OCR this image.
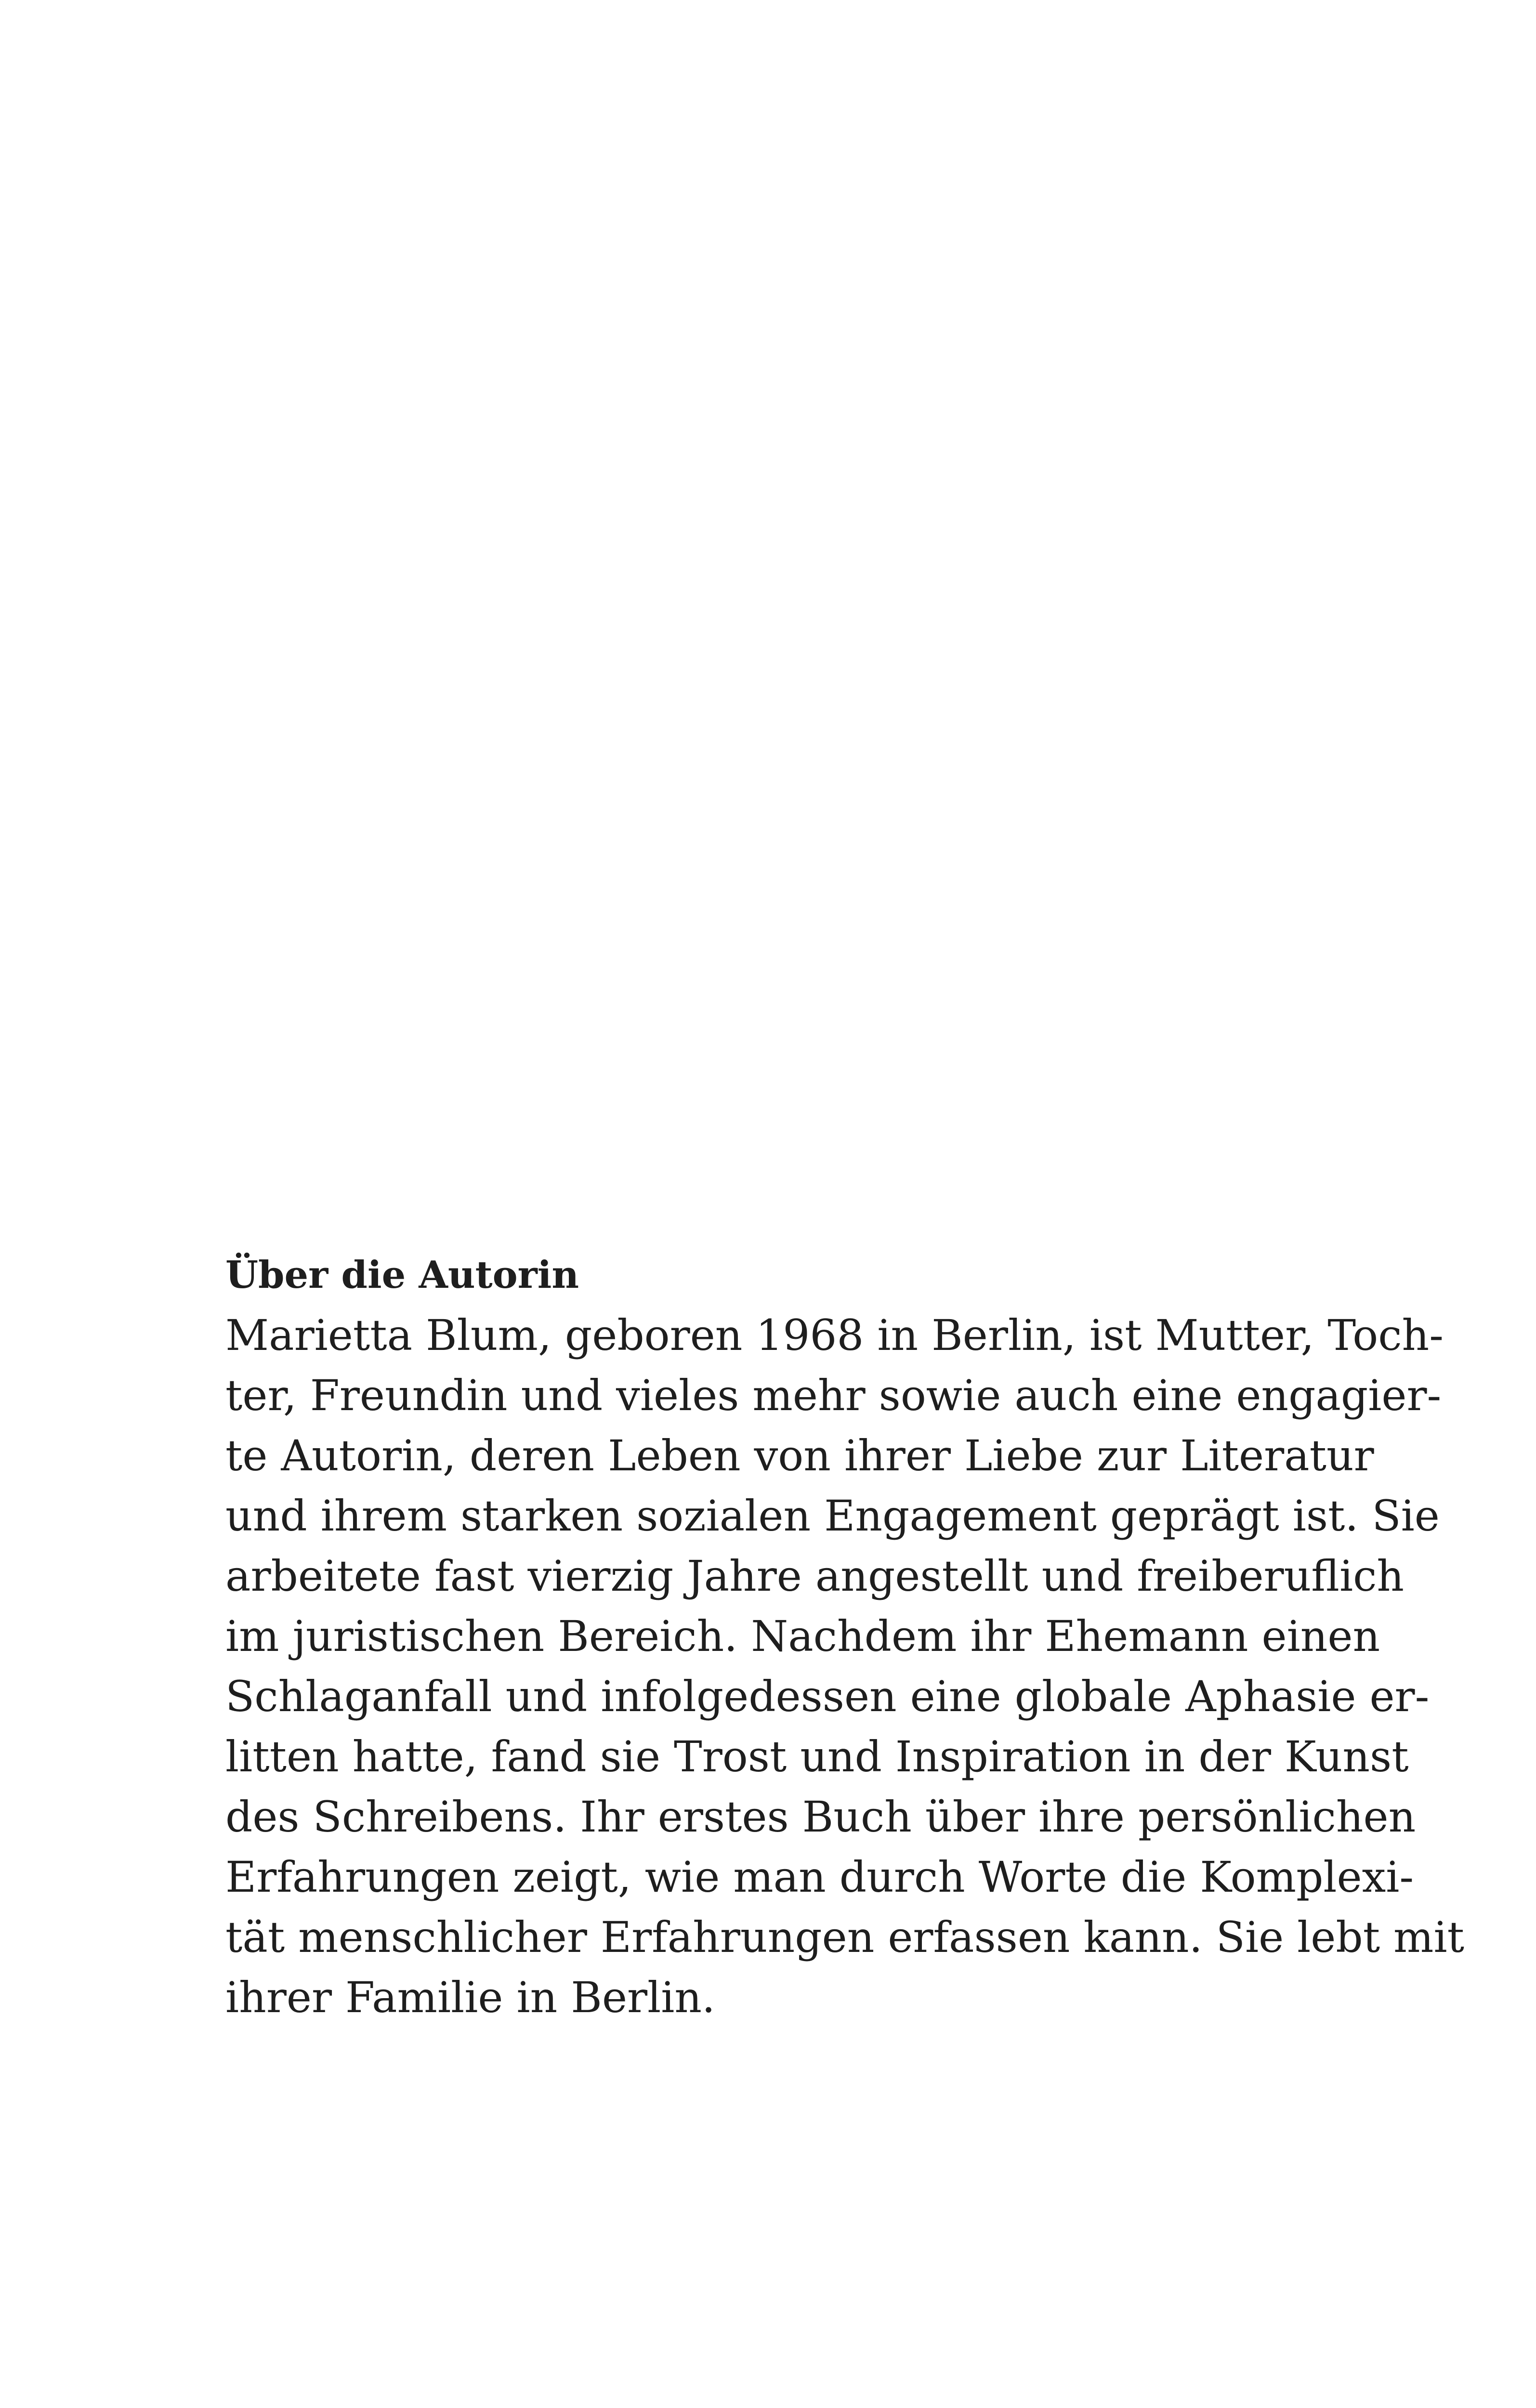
Über die Autorin

Marietta Blum, geboren 1968 in Berlin, ist Mutter, Toch-
ter, Freundin und vieles mehr sowie auch eine engagier-
te Autorin, deren Leben von ihrer Liebe zur Literatur
und ihrem starken sozialen Engagement geprägt ist. Sie
arbeitete fast vierzig Jahre angestellt und freiberuflich
im juristischen Bereich. Nachdem ihr Ehemann einen
Schlaganfall und infolgedessen eine globale Aphasie er-
litten hatte, fand sie Trost und Inspiration in der Kunst
des Schreibens. Ihr erstes Buch über ihre persönlichen
Erfahrungen zeigt, wie man durch Worte die Komplexi-
tät menschlicher Erfahrungen erfassen kann. Sie lebt mit
ihrer Familie in Berlin.
